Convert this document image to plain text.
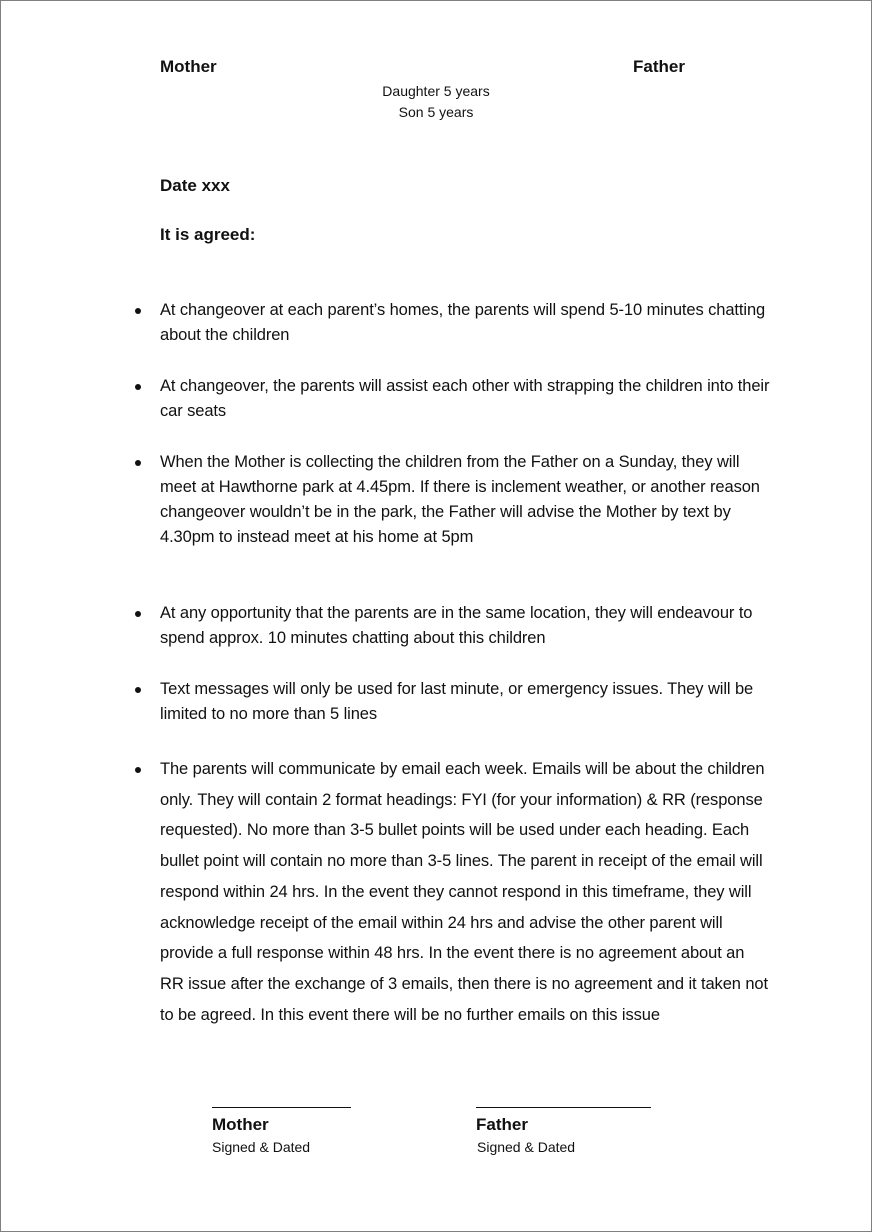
Mother	Father
Daughter 5 years
Son 5 years
Date xxx
It is agreed:
At changeover at each parent’s homes, the parents will spend 5-10 minutes chatting about the children
At changeover, the parents will assist each other with strapping the children into their car seats
When the Mother is collecting the children from the Father on a Sunday, they will meet at Hawthorne park at 4.45pm. If there is inclement weather, or another reason changeover wouldn’t be in the park, the Father will advise the Mother by text by 4.30pm to instead meet at his home at 5pm
At any opportunity that the parents are in the same location, they will endeavour to spend approx. 10 minutes chatting about this children
Text messages will only be used for last minute, or emergency issues. They will be limited to no more than 5 lines
The parents will communicate by email each week. Emails will be about the children only. They will contain 2 format headings: FYI (for your information) & RR (response requested). No more than 3-5 bullet points will be used under each heading. Each bullet point will contain no more than 3-5 lines. The parent in receipt of the email will respond within 24 hrs. In the event they cannot respond in this timeframe, they will acknowledge receipt of the email within 24 hrs and advise the other parent will provide a full response within 48 hrs. In the event there is no agreement about an RR issue after the exchange of 3 emails, then there is no agreement and it taken not to be agreed. In this event there will be no further emails on this issue
Mother	Father
Signed & Dated	Signed & Dated
